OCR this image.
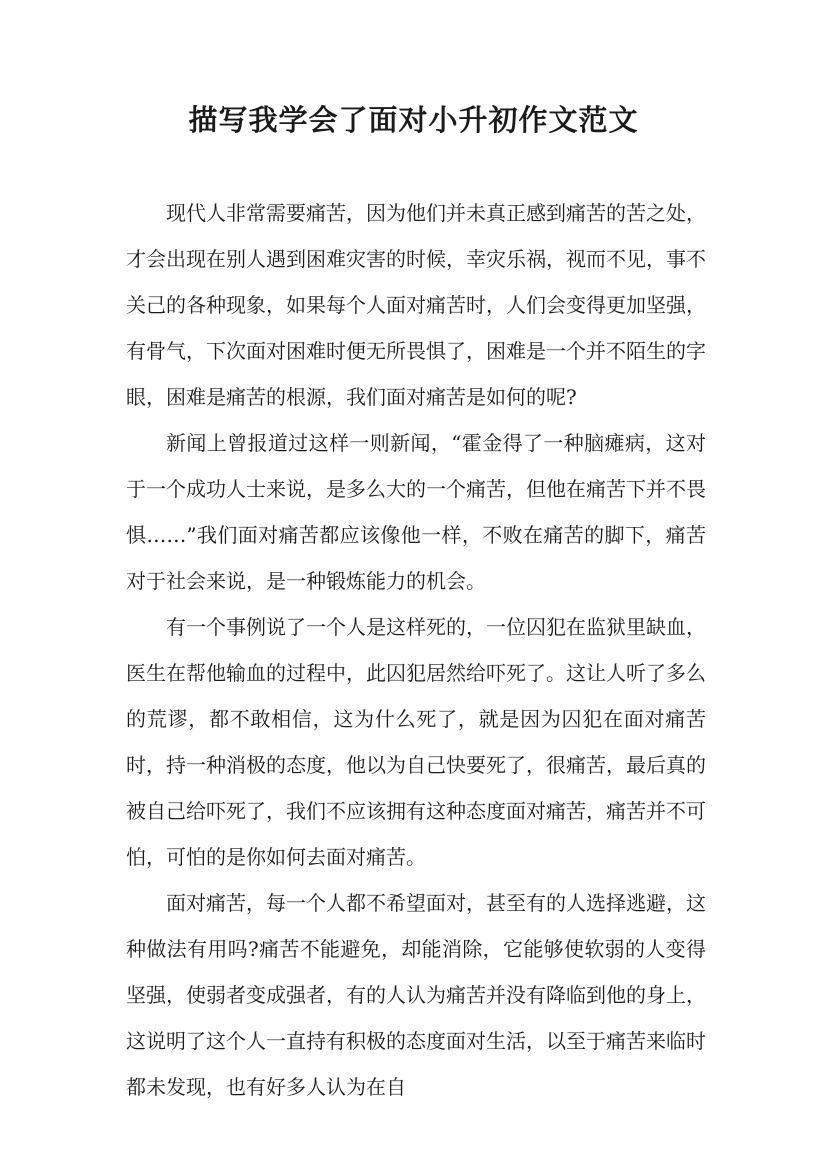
描写我学会了面对小升初作文范文

现代人非常需要痛苦，因为他们并未真正感到痛苦的苦之处，才会出现在别人遇到困难灾害的时候，幸灾乐祸，视而不见，事不关己的各种现象，如果每个人面对痛苦时，人们会变得更加坚强，有骨气，下次面对困难时便无所畏惧了，困难是一个并不陌生的字眼，困难是痛苦的根源，我们面对痛苦是如何的呢?

新闻上曾报道过这样一则新闻，“霍金得了一种脑瘫病，这对于一个成功人士来说，是多么大的一个痛苦，但他在痛苦下并不畏惧……”我们面对痛苦都应该像他一样，不败在痛苦的脚下，痛苦对于社会来说，是一种锻炼能力的机会。

有一个事例说了一个人是这样死的，一位囚犯在监狱里缺血，医生在帮他输血的过程中，此囚犯居然给吓死了。这让人听了多么的荒谬，都不敢相信，这为什么死了，就是因为囚犯在面对痛苦时，持一种消极的态度，他以为自己快要死了，很痛苦，最后真的被自己给吓死了，我们不应该拥有这种态度面对痛苦，痛苦并不可怕，可怕的是你如何去面对痛苦。

面对痛苦，每一个人都不希望面对，甚至有的人选择逃避，这种做法有用吗?痛苦不能避免，却能消除，它能够使软弱的人变得坚强，使弱者变成强者，有的人认为痛苦并没有降临到他的身上，这说明了这个人一直持有积极的态度面对生活，以至于痛苦来临时都未发现，也有好多人认为在自
